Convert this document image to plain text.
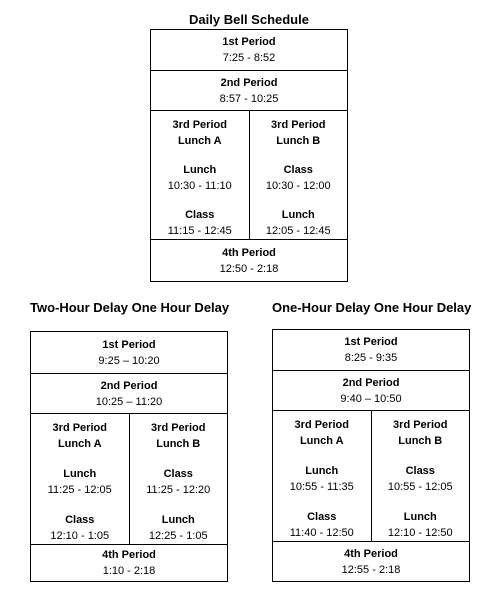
Daily Bell Schedule
1st Period
7:25 - 8:52
2nd Period
8:57 - 10:25
3rd Period
Lunch A
Lunch
10:30 - 11:10
Class
11:15 - 12:45
3rd Period
Lunch B
Class
10:30 - 12:00
Lunch
12:05 - 12:45
4th Period
12:50 - 2:18
Two-Hour Delay One Hour Delay
1st Period
9:25 – 10:20
2nd Period
10:25 – 11:20
3rd Period
Lunch A
Lunch
11:25 - 12:05
Class
12:10 - 1:05
3rd Period
Lunch B
Class
11:25 - 12:20
Lunch
12:25 - 1:05
4th Period
1:10 - 2:18
One-Hour Delay One Hour Delay
1st Period
8:25 - 9:35
2nd Period
9:40 – 10:50
3rd Period
Lunch A
Lunch
10:55 - 11:35
Class
11:40 - 12:50
3rd Period
Lunch B
Class
10:55 - 12:05
Lunch
12:10 - 12:50
4th Period
12:55 - 2:18
